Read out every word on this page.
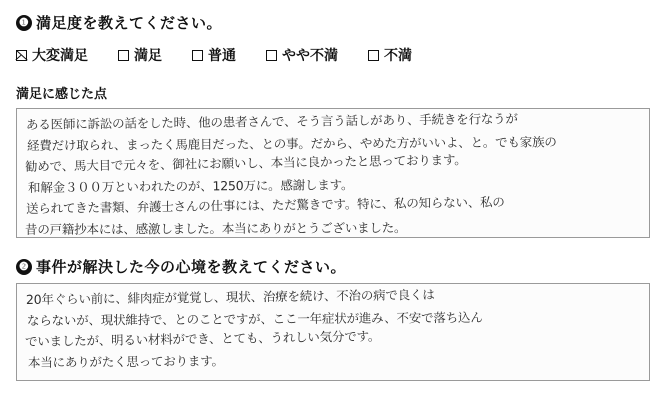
❶ 満足度を教えてください。
大変満足	満足	普通	やや不満	不満
満足に感じた点
ある医師に訴訟の話をした時、他の患者さんで、そう言う話しがあり、手続きを行なうが
経費だけ取られ、まったく馬鹿目だった、との事。だから、やめた方がいいよ、と。でも家族の
勧めで、馬大目で元々を、御社にお願いし、本当に良かったと思っております。
和解金３００万といわれたのが、1250万に。感謝します。
送られてきた書類、弁護士さんの仕事には、ただ驚きです。特に、私の知らない、私の
昔の戸籍抄本には、感激しました。本当にありがとうございました。
❷ 事件が解決した今の心境を教えてください。
20年ぐらい前に、緋肉症が覚覚し、現状、治療を続け、不治の病で良くは
ならないが、現状維持で、とのことですが、ここ一年症状が進み、不安で落ち込ん
でいましたが、明るい材料ができ、とても、うれしい気分です。
本当にありがたく思っております。
